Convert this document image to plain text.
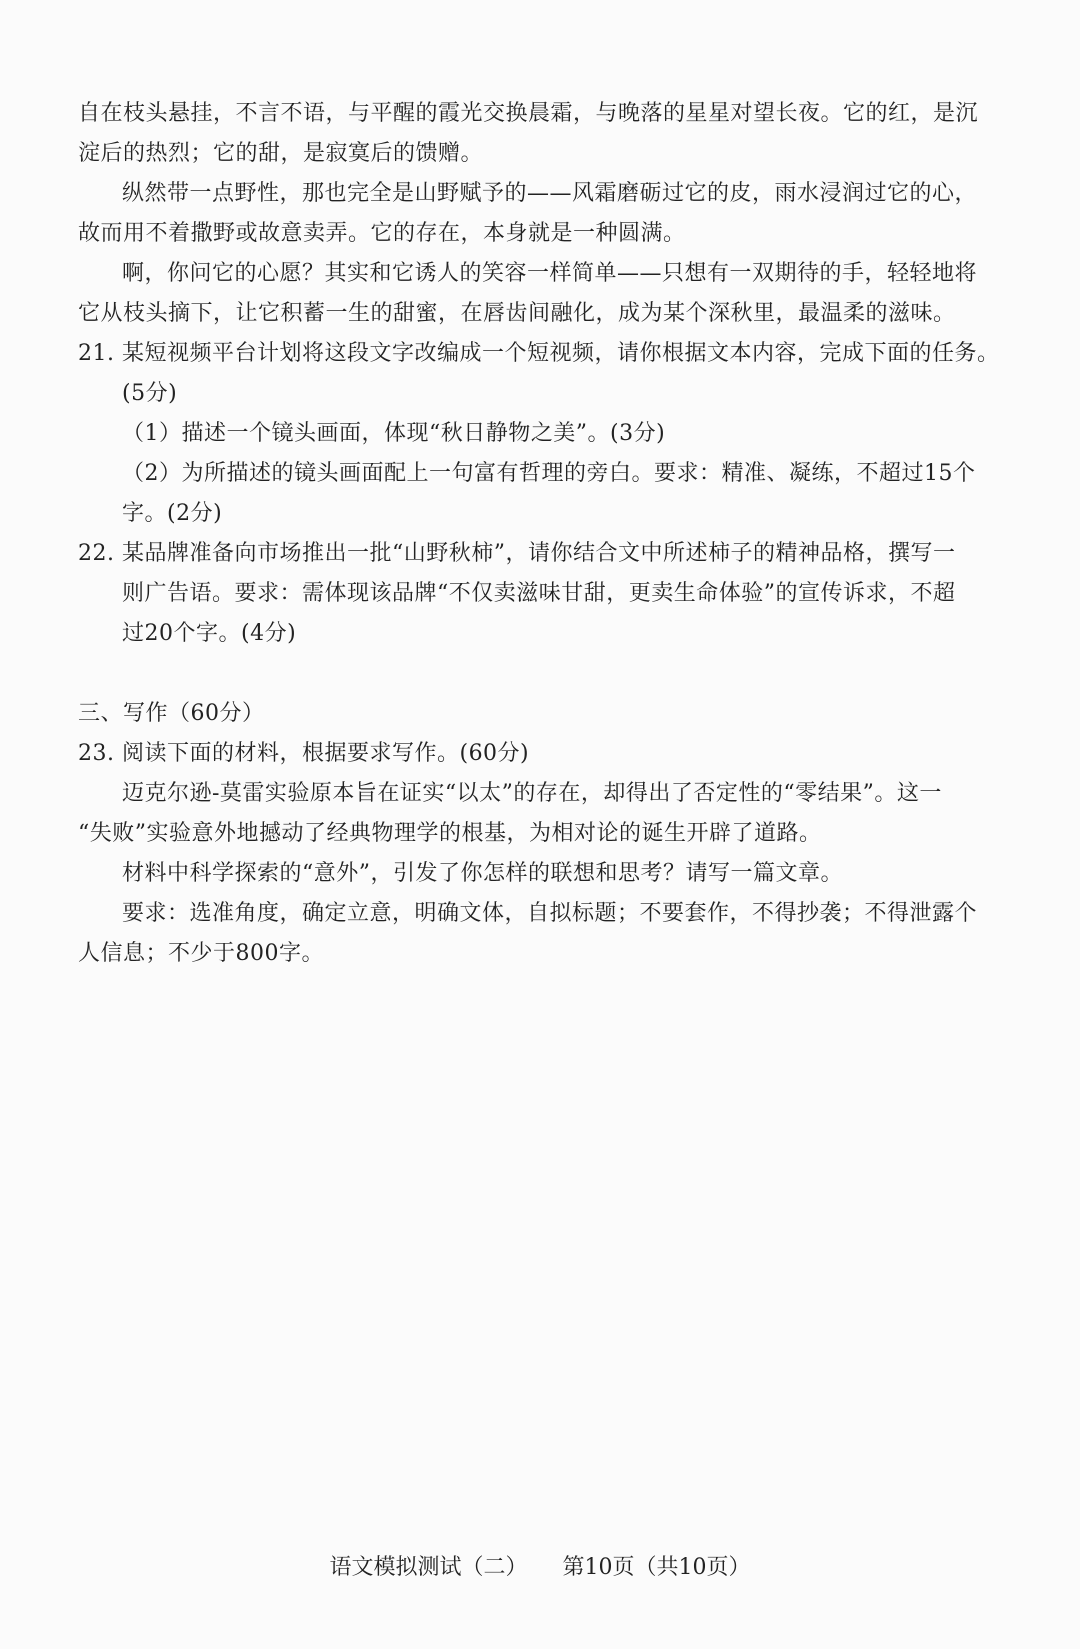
自在枝头悬挂，不言不语，与平醒的霞光交换晨霜，与晚落的星星对望长夜。它的红，是沉
淀后的热烈；它的甜，是寂寞后的馈赠。
纵然带一点野性，那也完全是山野赋予的——风霜磨砺过它的皮，雨水浸润过它的心，
故而用不着撒野或故意卖弄。它的存在，本身就是一种圆满。
啊，你问它的心愿？其实和它诱人的笑容一样简单——只想有一双期待的手，轻轻地将
它从枝头摘下，让它积蓄一生的甜蜜，在唇齿间融化，成为某个深秋里，最温柔的滋味。
21. 某短视频平台计划将这段文字改编成一个短视频，请你根据文本内容，完成下面的任务。
(5分)
（1）描述一个镜头画面，体现“秋日静物之美”。(3分)
（2）为所描述的镜头画面配上一句富有哲理的旁白。要求：精准、凝练，不超过15个
字。(2分)
22. 某品牌准备向市场推出一批“山野秋柿”，请你结合文中所述柿子的精神品格，撰写一
则广告语。要求：需体现该品牌“不仅卖滋味甘甜，更卖生命体验”的宣传诉求，不超
过20个字。(4分)
三、写作（60分）
23. 阅读下面的材料，根据要求写作。(60分)
迈克尔逊-莫雷实验原本旨在证实“以太”的存在，却得出了否定性的“零结果”。这一
“失败”实验意外地撼动了经典物理学的根基，为相对论的诞生开辟了道路。
材料中科学探索的“意外”，引发了你怎样的联想和思考？请写一篇文章。
要求：选准角度，确定立意，明确文体，自拟标题；不要套作，不得抄袭；不得泄露个
人信息；不少于800字。
语文模拟测试（二） 第10页（共10页）
